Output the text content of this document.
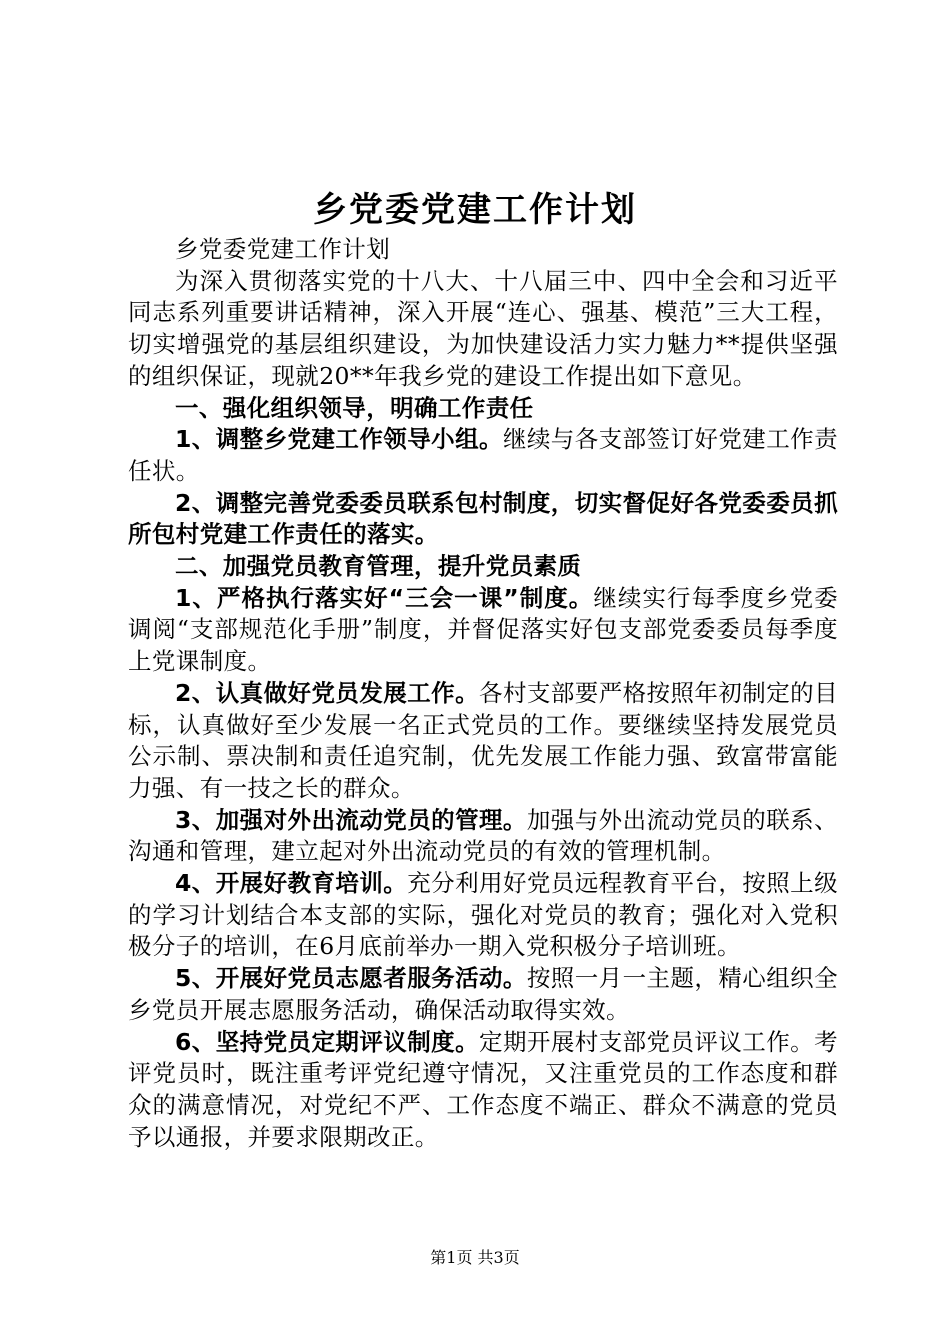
乡党委党建工作计划

乡党委党建工作计划

为深入贯彻落实党的十八大、十八届三中、四中全会和习近平同志系列重要讲话精神，深入开展“连心、强基、模范”三大工程，切实增强党的基层组织建设，为加快建设活力实力魅力**提供坚强的组织保证，现就20**年我乡党的建设工作提出如下意见。

一、强化组织领导，明确工作责任

1、调整乡党建工作领导小组。继续与各支部签订好党建工作责任状。

2、调整完善党委委员联系包村制度，切实督促好各党委委员抓所包村党建工作责任的落实。

二、加强党员教育管理，提升党员素质

1、严格执行落实好“三会一课”制度。继续实行每季度乡党委调阅“支部规范化手册”制度，并督促落实好包支部党委委员每季度上党课制度。

2、认真做好党员发展工作。各村支部要严格按照年初制定的目标，认真做好至少发展一名正式党员的工作。要继续坚持发展党员公示制、票决制和责任追究制，优先发展工作能力强、致富带富能力强、有一技之长的群众。

3、加强对外出流动党员的管理。加强与外出流动党员的联系、沟通和管理，建立起对外出流动党员的有效的管理机制。

4、开展好教育培训。充分利用好党员远程教育平台，按照上级的学习计划结合本支部的实际，强化对党员的教育；强化对入党积极分子的培训，在6月底前举办一期入党积极分子培训班。

5、开展好党员志愿者服务活动。按照一月一主题，精心组织全乡党员开展志愿服务活动，确保活动取得实效。

6、坚持党员定期评议制度。定期开展村支部党员评议工作。考评党员时，既注重考评党纪遵守情况，又注重党员的工作态度和群众的满意情况，对党纪不严、工作态度不端正、群众不满意的党员予以通报，并要求限期改正。

第1页 共3页
